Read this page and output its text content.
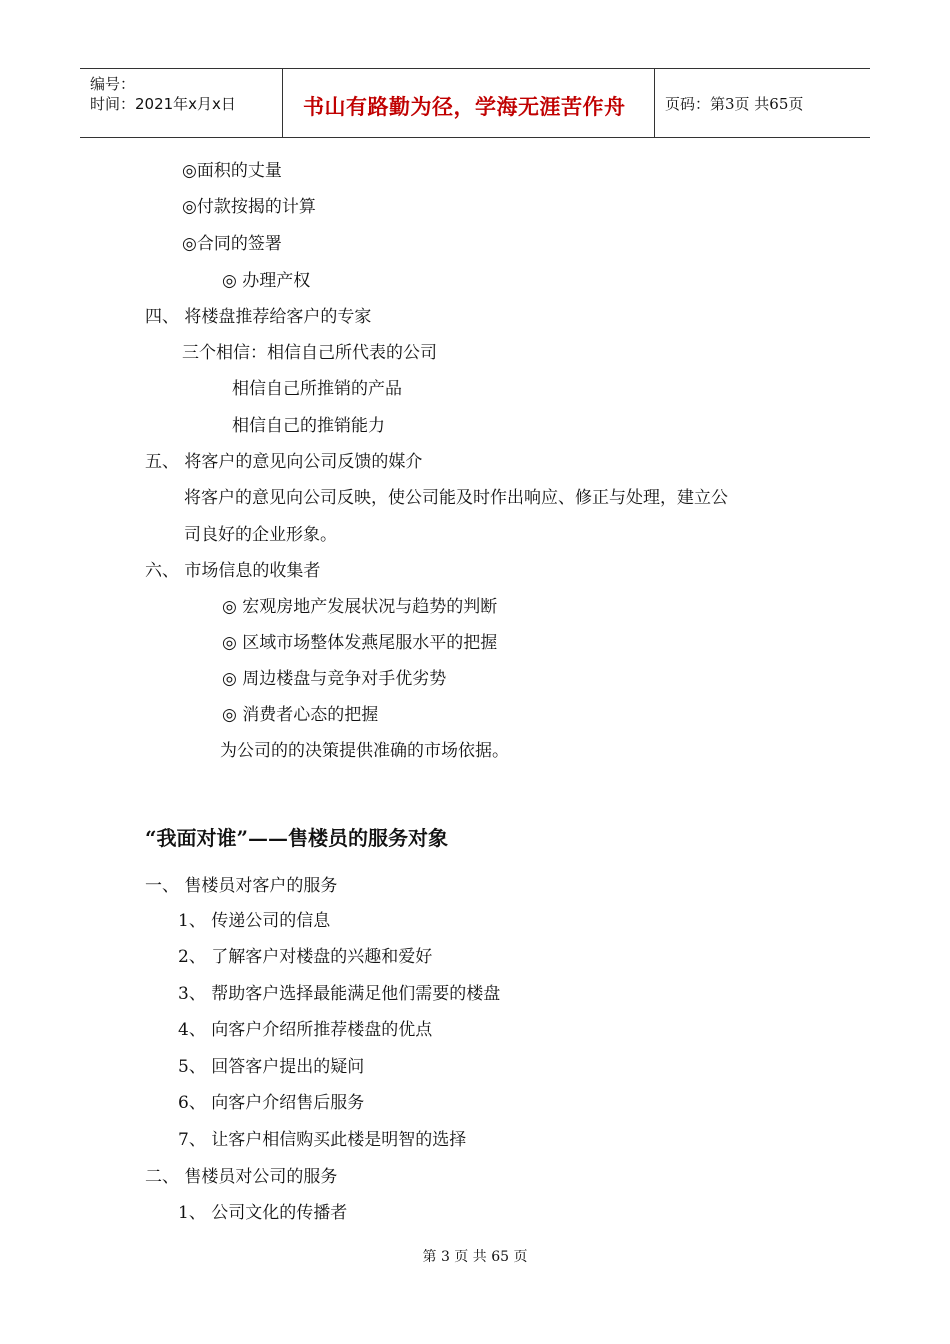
编号：
时间：2021年x月x日	书山有路勤为径，学海无涯苦作舟	页码：第3页 共65页
◎面积的丈量
◎付款按揭的计算
◎合同的签署
◎ 办理产权
四、 将楼盘推荐给客户的专家
三个相信：相信自己所代表的公司
相信自己所推销的产品
相信自己的推销能力
五、 将客户的意见向公司反馈的媒介
将客户的意见向公司反映，使公司能及时作出响应、修正与处理，建立公
司良好的企业形象。
六、 市场信息的收集者
◎ 宏观房地产发展状况与趋势的判断
◎ 区域市场整体发燕尾服水平的把握
◎ 周边楼盘与竞争对手优劣势
◎ 消费者心态的把握
为公司的的决策提供准确的市场依据。
“我面对谁”——售楼员的服务对象
一、 售楼员对客户的服务
1、 传递公司的信息
2、 了解客户对楼盘的兴趣和爱好
3、 帮助客户选择最能满足他们需要的楼盘
4、 向客户介绍所推荐楼盘的优点
5、 回答客户提出的疑问
6、 向客户介绍售后服务
7、 让客户相信购买此楼是明智的选择
二、 售楼员对公司的服务
1、 公司文化的传播者
第 3 页 共 65 页
